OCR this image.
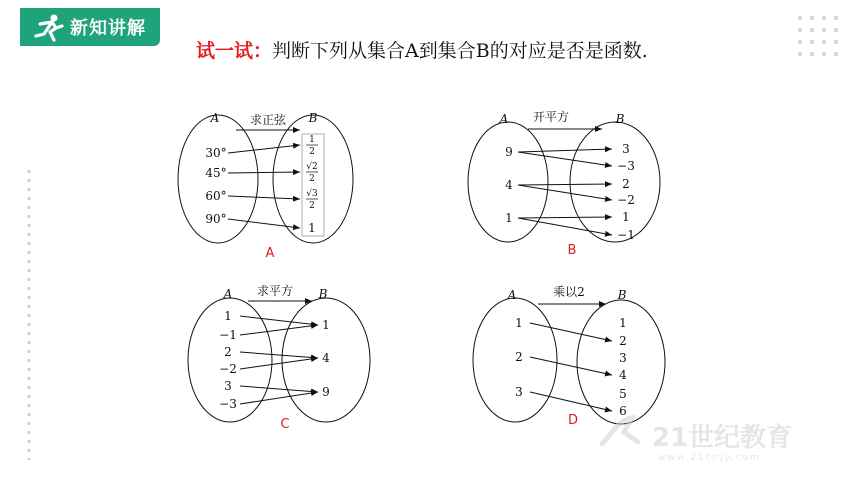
新知讲解
试一试：判断下列从集合A到集合B的对应是否是函数.
A	B
求正弦
A
30°
45°
60°
90°
1
2
√2
2
√3
2
1
A	B
开平方
B
9
4
1
3
−3
2
−2
1
−1
A	B
求平方
C
1
−1
2
−2
3
−3
1
4
9
A	B
乘以2
D
1
2
3
1
2
3
4
5
6
21世纪教育
www.21cnjy.com
